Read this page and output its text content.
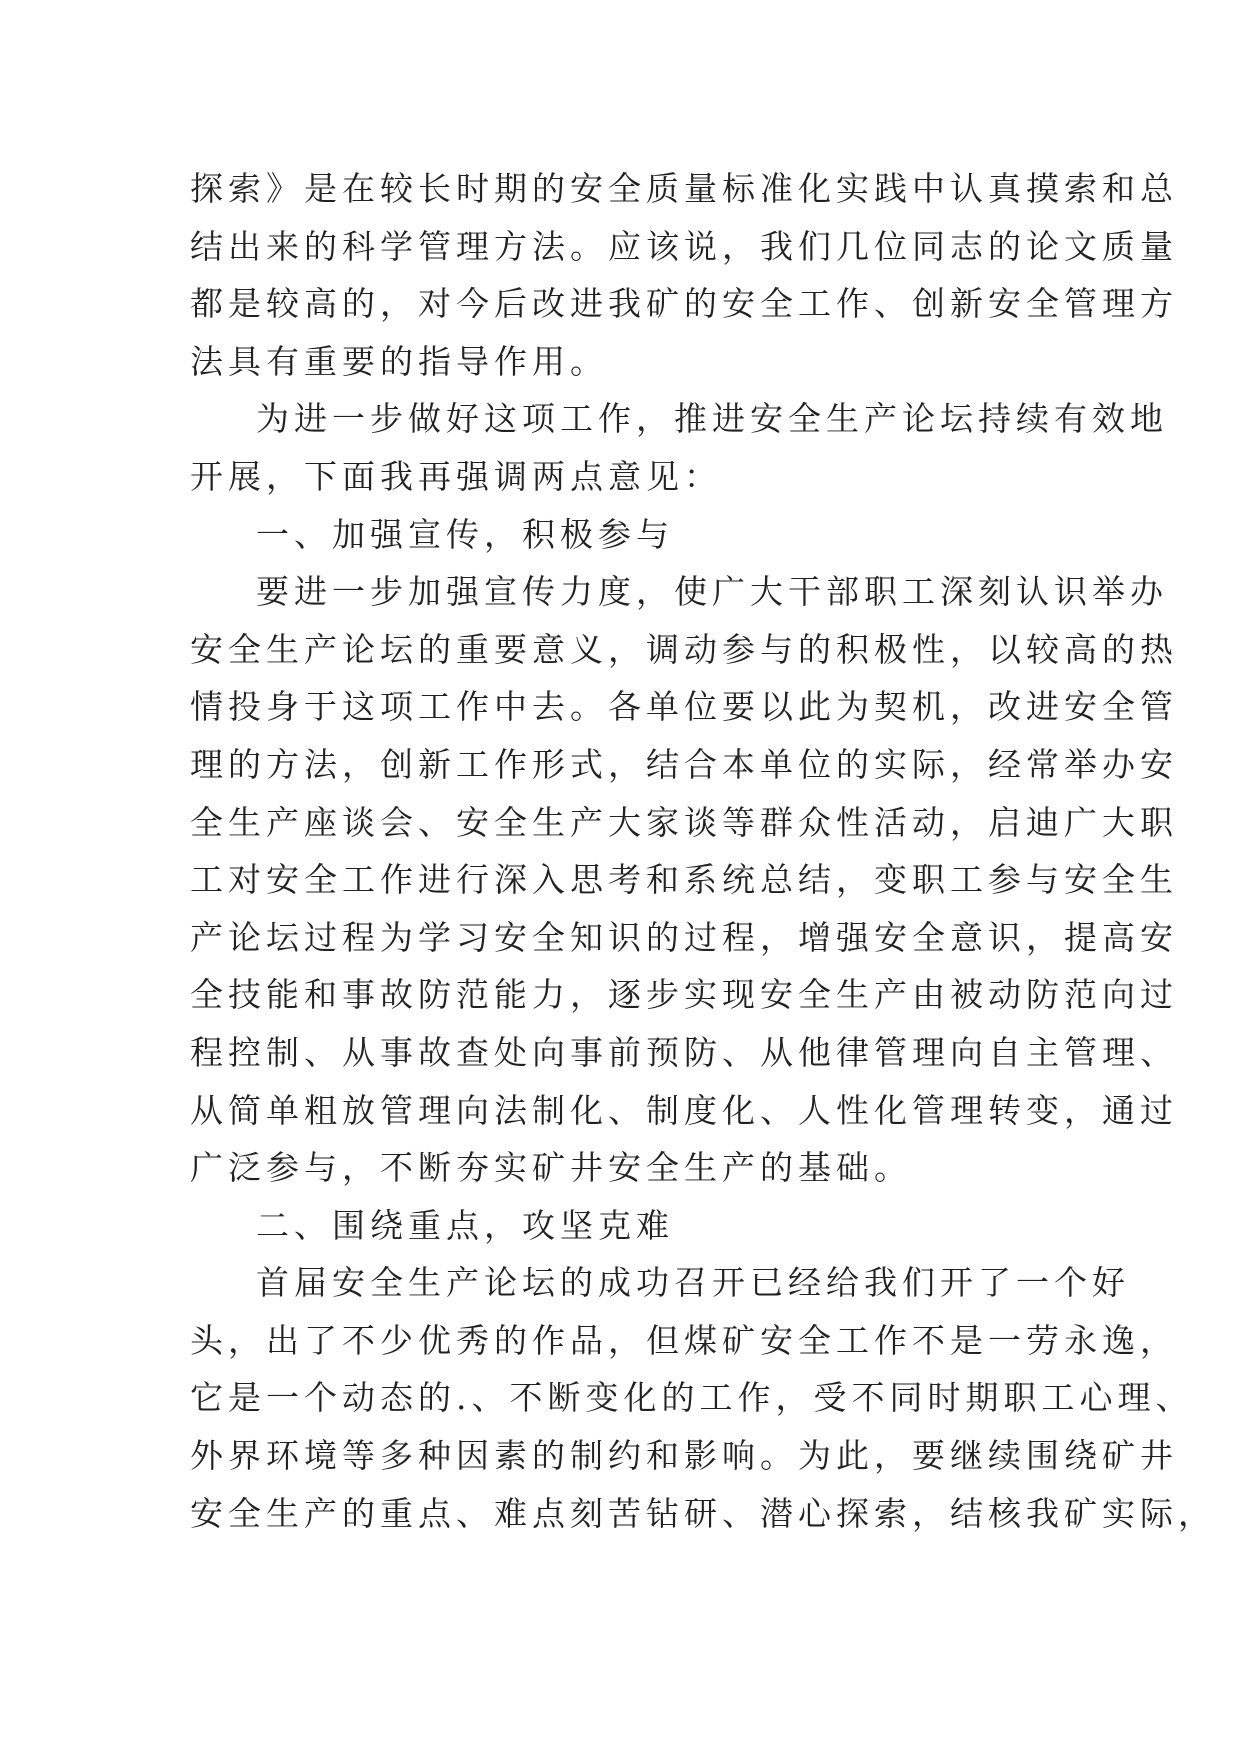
探索》是在较长时期的安全质量标准化实践中认真摸索和总
结出来的科学管理方法。应该说，我们几位同志的论文质量
都是较高的，对今后改进我矿的安全工作、创新安全管理方
法具有重要的指导作用。
为进一步做好这项工作，推进安全生产论坛持续有效地
开展，下面我再强调两点意见：
一、加强宣传，积极参与
要进一步加强宣传力度，使广大干部职工深刻认识举办
安全生产论坛的重要意义，调动参与的积极性，以较高的热
情投身于这项工作中去。各单位要以此为契机，改进安全管
理的方法，创新工作形式，结合本单位的实际，经常举办安
全生产座谈会、安全生产大家谈等群众性活动，启迪广大职
工对安全工作进行深入思考和系统总结，变职工参与安全生
产论坛过程为学习安全知识的过程，增强安全意识，提高安
全技能和事故防范能力，逐步实现安全生产由被动防范向过
程控制、从事故查处向事前预防、从他律管理向自主管理、
从简单粗放管理向法制化、制度化、人性化管理转变，通过
广泛参与，不断夯实矿井安全生产的基础。
二、围绕重点，攻坚克难
首届安全生产论坛的成功召开已经给我们开了一个好
头，出了不少优秀的作品，但煤矿安全工作不是一劳永逸，
它是一个动态的.、不断变化的工作，受不同时期职工心理、
外界环境等多种因素的制约和影响。为此，要继续围绕矿井
安全生产的重点、难点刻苦钻研、潜心探索，结核我矿实际，
